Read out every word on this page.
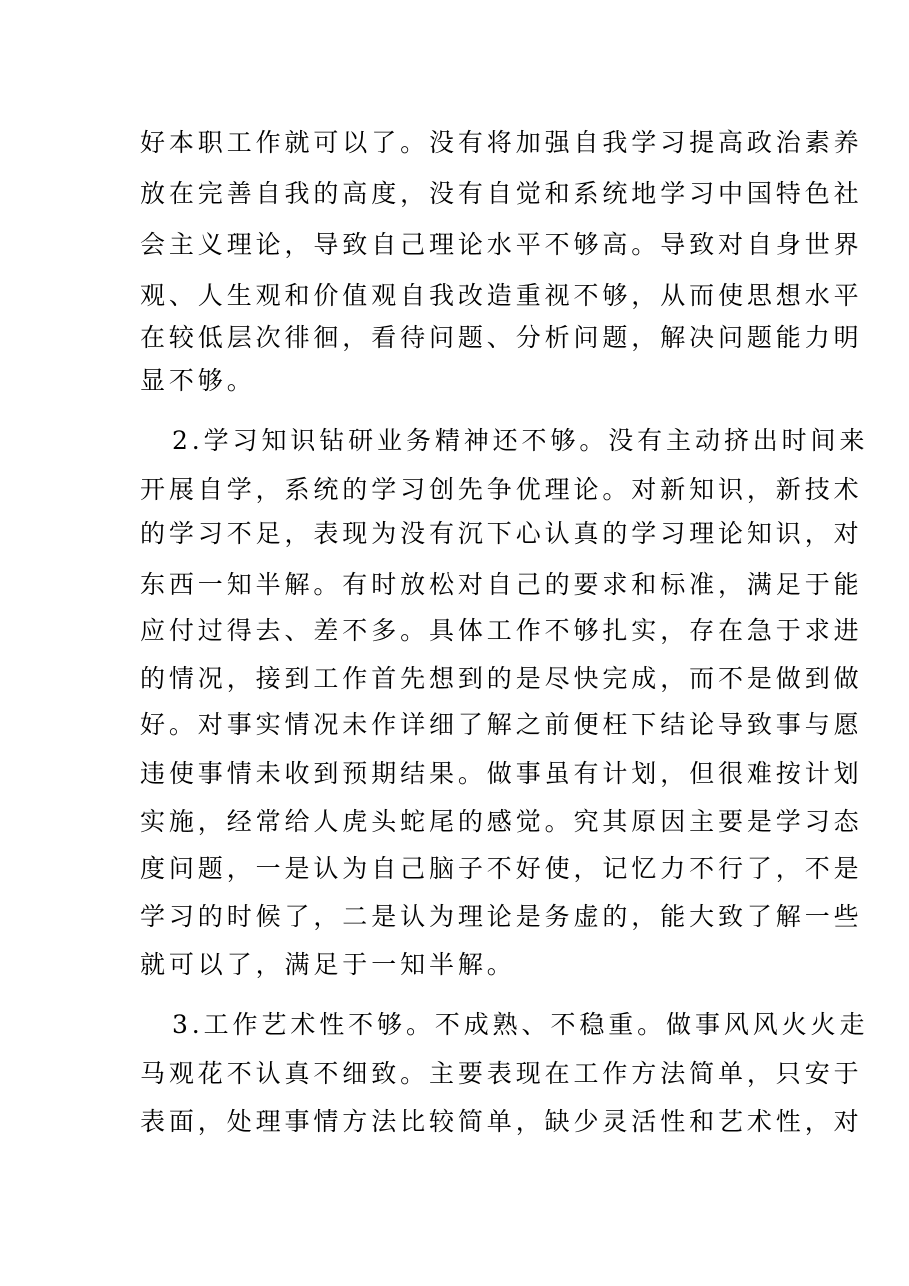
好本职工作就可以了。没有将加强自我学习提高政治素养
放在完善自我的高度，没有自觉和系统地学习中国特色社
会主义理论，导致自己理论水平不够高。导致对自身世界
观、人生观和价值观自我改造重视不够，从而使思想水平
在较低层次徘徊，看待问题、分析问题，解决问题能力明
显不够。
2.学习知识钻研业务精神还不够。没有主动挤出时间来
开展自学，系统的学习创先争优理论。对新知识，新技术
的学习不足，表现为没有沉下心认真的学习理论知识，对
东西一知半解。有时放松对自己的要求和标准，满足于能
应付过得去、差不多。具体工作不够扎实，存在急于求进
的情况，接到工作首先想到的是尽快完成，而不是做到做
好。对事实情况未作详细了解之前便枉下结论导致事与愿
违使事情未收到预期结果。做事虽有计划，但很难按计划
实施，经常给人虎头蛇尾的感觉。究其原因主要是学习态
度问题，一是认为自己脑子不好使，记忆力不行了，不是
学习的时候了，二是认为理论是务虚的，能大致了解一些
就可以了，满足于一知半解。
3.工作艺术性不够。不成熟、不稳重。做事风风火火走
马观花不认真不细致。主要表现在工作方法简单，只安于
表面，处理事情方法比较简单，缺少灵活性和艺术性，对
